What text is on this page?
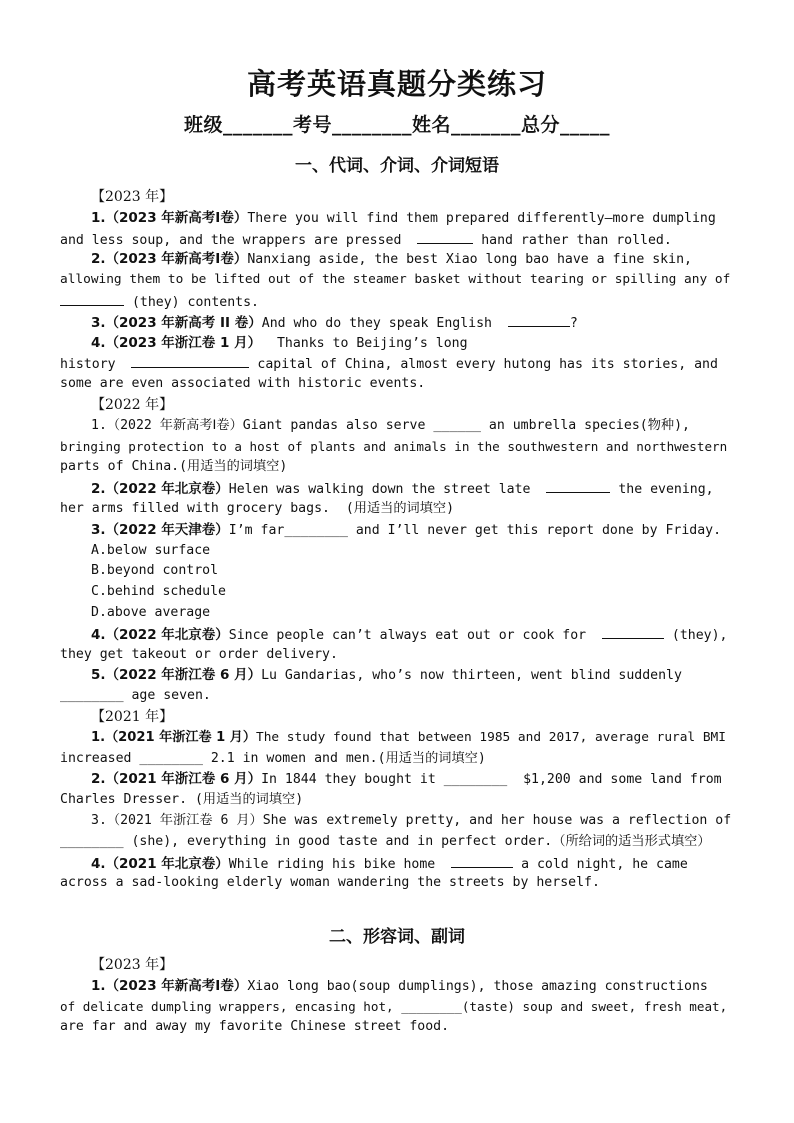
高考英语真题分类练习
班级_______考号________姓名_______总分_____
一、代词、介词、介词短语
【2023 年】
1.（2023 年新高考Ⅰ卷）There you will find them prepared differently—more dumpling
and less soup, and the wrappers are pressed	hand rather than rolled.
2.（2023 年新高考Ⅰ卷）Nanxiang aside, the best Xiao long bao have a fine skin,
allowing them to be lifted out of the steamer basket without tearing or spilling any of
(they) contents.
3.（2023 年新高考 II 卷）And who do they speak English	?
4.（2023 年浙江卷 1 月）  Thanks to Beijing’s long
history	capital of China, almost every hutong has its stories, and
some are even associated with historic events.
【2022 年】
1.（2022 年新高考Ⅰ卷）Giant pandas also serve ______ an umbrella species(物种),
bringing protection to a host of plants and animals in the southwestern and northwestern
parts of China.(用适当的词填空)
2.（2022 年北京卷）Helen was walking down the street late	the evening,
her arms filled with grocery bags.  (用适当的词填空)
3.（2022 年天津卷）I’m far________ and I’ll never get this report done by Friday.
A.below surface
B.beyond control
C.behind schedule
D.above average
4.（2022 年北京卷）Since people can’t always eat out or cook for	(they),
they get takeout or order delivery.
5.（2022 年浙江卷 6 月）Lu Gandarias, who’s now thirteen, went blind suddenly
________ age seven.
【2021 年】
1.（2021 年浙江卷 1 月）The study found that between 1985 and 2017, average rural BMI
increased ________ 2.1 in women and men.(用适当的词填空)
2.（2021 年浙江卷 6 月）In 1844 they bought it ________  $1,200 and some land from
Charles Dresser. (用适当的词填空)
3.（2021 年浙江卷 6 月）She was extremely pretty, and her house was a reflection of
________ (she), everything in good taste and in perfect order.（所给词的适当形式填空）
4.（2021 年北京卷）While riding his bike home	a cold night, he came
across a sad-looking elderly woman wandering the streets by herself.
二、形容词、副词
【2023 年】
1.（2023 年新高考Ⅰ卷）Xiao long bao(soup dumplings), those amazing constructions
of delicate dumpling wrappers, encasing hot, ________(taste) soup and sweet, fresh meat,
are far and away my favorite Chinese street food.
